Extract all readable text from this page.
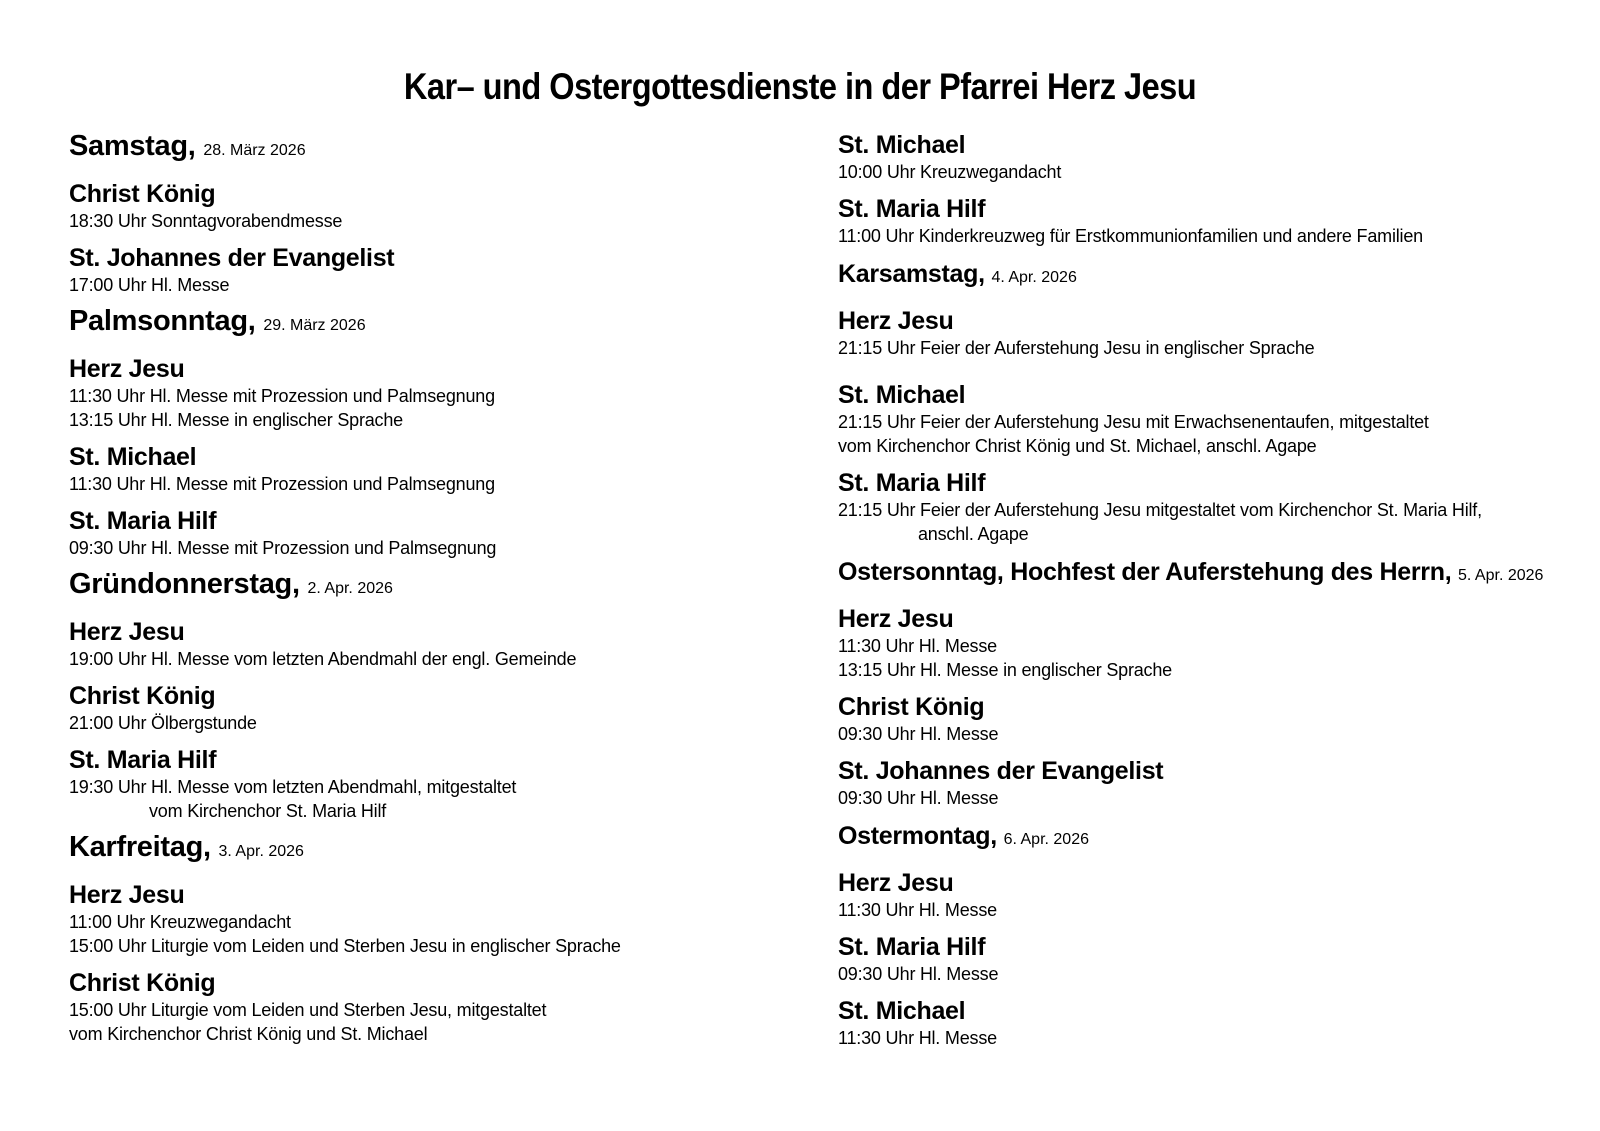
Kar– und Ostergottesdienste in der Pfarrei Herz Jesu
Samstag, 28. März 2026
Christ König
18:30 Uhr Sonntagvorabendmesse
St. Johannes der Evangelist
17:00 Uhr Hl. Messe
Palmsonntag, 29. März 2026
Herz Jesu
11:30 Uhr Hl. Messe mit Prozession und Palmsegnung
13:15 Uhr Hl. Messe in englischer Sprache
St. Michael
11:30 Uhr Hl. Messe mit Prozession und Palmsegnung
St. Maria Hilf
09:30 Uhr Hl. Messe mit Prozession und Palmsegnung
Gründonnerstag, 2. Apr. 2026
Herz Jesu
19:00 Uhr Hl. Messe vom letzten Abendmahl der engl. Gemeinde
Christ König
21:00 Uhr Ölbergstunde
St. Maria Hilf
19:30 Uhr Hl. Messe vom letzten Abendmahl, mitgestaltet
vom Kirchenchor St. Maria Hilf
Karfreitag, 3. Apr. 2026
Herz Jesu
11:00 Uhr Kreuzwegandacht
15:00 Uhr Liturgie vom Leiden und Sterben Jesu in englischer Sprache
Christ König
15:00 Uhr Liturgie vom Leiden und Sterben Jesu, mitgestaltet
vom Kirchenchor Christ König und St. Michael
St. Michael
10:00 Uhr Kreuzwegandacht
St. Maria Hilf
11:00 Uhr Kinderkreuzweg für Erstkommunionfamilien und andere Familien
Karsamstag, 4. Apr. 2026
Herz Jesu
21:15 Uhr Feier der Auferstehung Jesu in englischer Sprache
St. Michael
21:15 Uhr Feier der Auferstehung Jesu mit Erwachsenentaufen, mitgestaltet
vom Kirchenchor Christ König und St. Michael, anschl. Agape
St. Maria Hilf
21:15 Uhr Feier der Auferstehung Jesu mitgestaltet vom Kirchenchor St. Maria Hilf,
anschl. Agape
Ostersonntag, Hochfest der Auferstehung des Herrn, 5. Apr. 2026
Herz Jesu
11:30 Uhr Hl. Messe
13:15 Uhr Hl. Messe in englischer Sprache
Christ König
09:30 Uhr Hl. Messe
St. Johannes der Evangelist
09:30 Uhr Hl. Messe
Ostermontag, 6. Apr. 2026
Herz Jesu
11:30 Uhr Hl. Messe
St. Maria Hilf
09:30 Uhr Hl. Messe
St. Michael
11:30 Uhr Hl. Messe
